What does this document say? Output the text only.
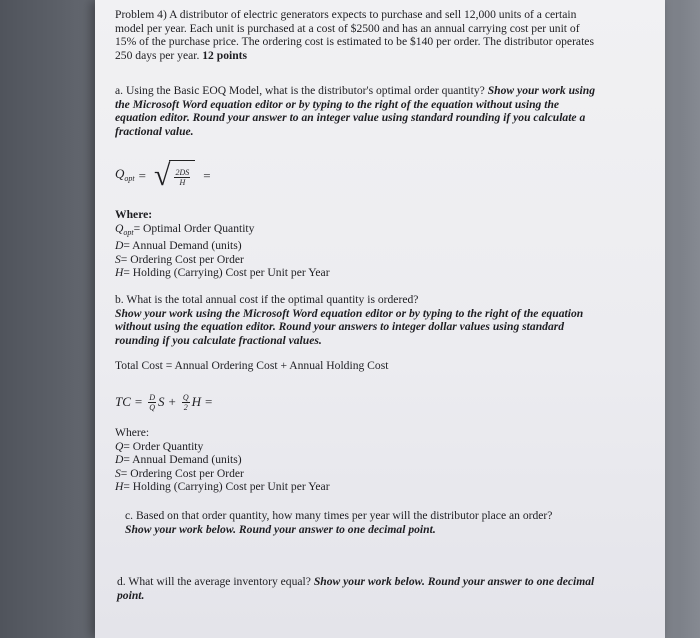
Problem 4) A distributor of electric generators expects to purchase and sell 12,000 units of a certain
model per year. Each unit is purchased at a cost of $2500 and has an annual carrying cost per unit of
15% of the purchase price. The ordering cost is estimated to be $140 per order. The distributor operates
250 days per year. 12 points

a. Using the Basic EOQ Model, what is the distributor's optimal order quantity? Show your work using
the Microsoft Word equation editor or by typing to the right of the equation without using the
equation editor. Round your answer to an integer value using standard rounding if you calculate a
fractional value.

$Q_{opt}$ = √ $\frac{2DS}{H}$ =
Where:
$Q_{opt}=$ Optimal Order Quantity
D= Annual Demand (units)
S= Ordering Cost per Order
H= Holding (Carrying) Cost per Unit per Year

b. What is the total annual cost if the optimal quantity is ordered?
Show your work using the Microsoft Word equation editor or by typing to the right of the equation
without using the equation editor. Round your answers to integer dollar values using standard
rounding if you calculate fractional values.

Total Cost = Annual Ordering Cost + Annual Holding Cost
TC = $\frac{D}{Q}$ $S + \frac{Q}{2}$ H =
Where:
Q= Order Quantity
D= Annual Demand (units)
S= Ordering Cost per Order
H= Holding (Carrying) Cost per Unit per Year

c. Based on that order quantity, how many times per year will the distributor place an order?
Show your work below. Round your answer to one decimal point.

d. What will the average inventory equal? Show your work below. Round your answer to one decimal
point.
